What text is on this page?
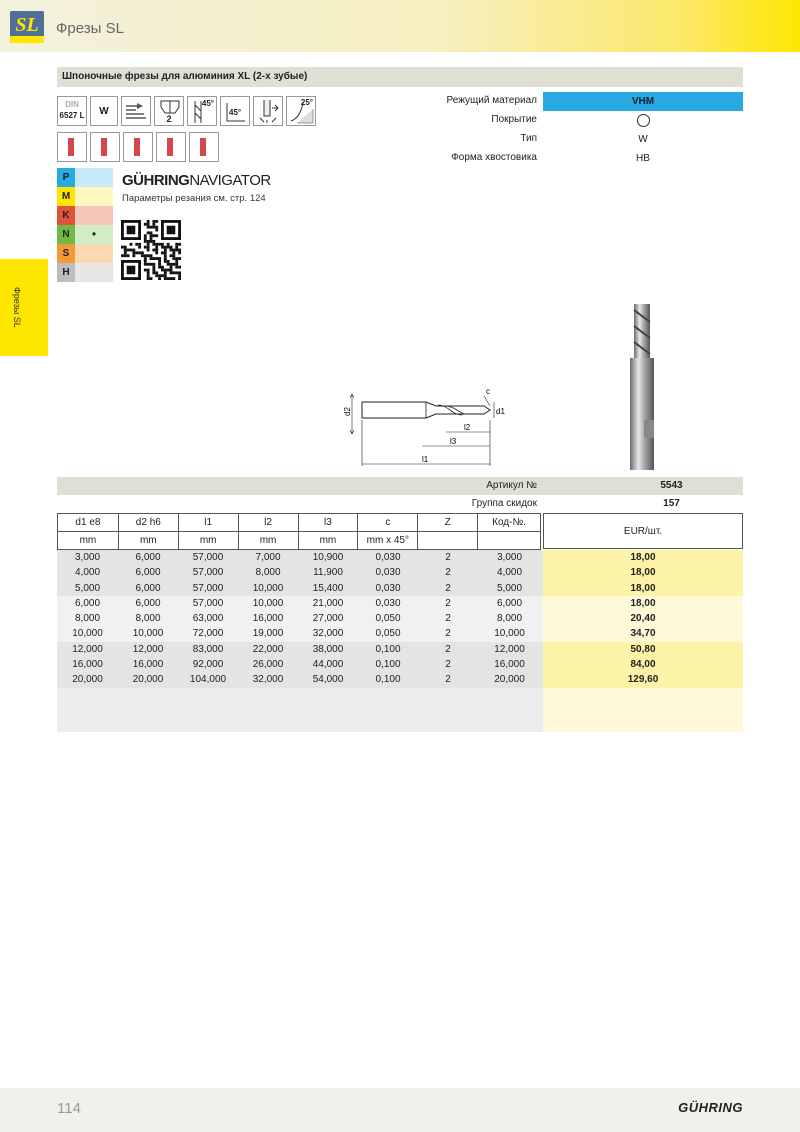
SL	Фрезы SL
Фрезы SL
Шпоночные фрезы для алюминия XL (2-х зубые)
DIN
6527 L	W
2
45°
45°
25°	Режущий материал	VHM
Покрытие
Тип	W
Форма хвостовика	HB
P
M
K
N	•
S
H
GÜHRINGNAVIGATOR
Параметры резания см. стр. 124
d2	d1
c
l2
l3
l1
Артикул №	5543
Группа скидок	157
d1 e8	d2 h6	l1	l2	l3	c	Z	Код-№.
mm	mm	mm	mm	mm	mm x 45°		
EUR/шт.
3,000	6,000	57,000	7,000	10,900	0,030	2	3,000	18,00
4,000	6,000	57,000	8,000	11,900	0,030	2	4,000	18,00
5,000	6,000	57,000	10,000	15,400	0,030	2	5,000	18,00
6,000	6,000	57,000	10,000	21,000	0,030	2	6,000	18,00
8,000	8,000	63,000	16,000	27,000	0,050	2	8,000	20,40
10,000	10,000	72,000	19,000	32,000	0,050	2	10,000	34,70
12,000	12,000	83,000	22,000	38,000	0,100	2	12,000	50,80
16,000	16,000	92,000	26,000	44,000	0,100	2	16,000	84,00
20,000	20,000	104,000	32,000	54,000	0,100	2	20,000	129,60
114	GÜHRING
